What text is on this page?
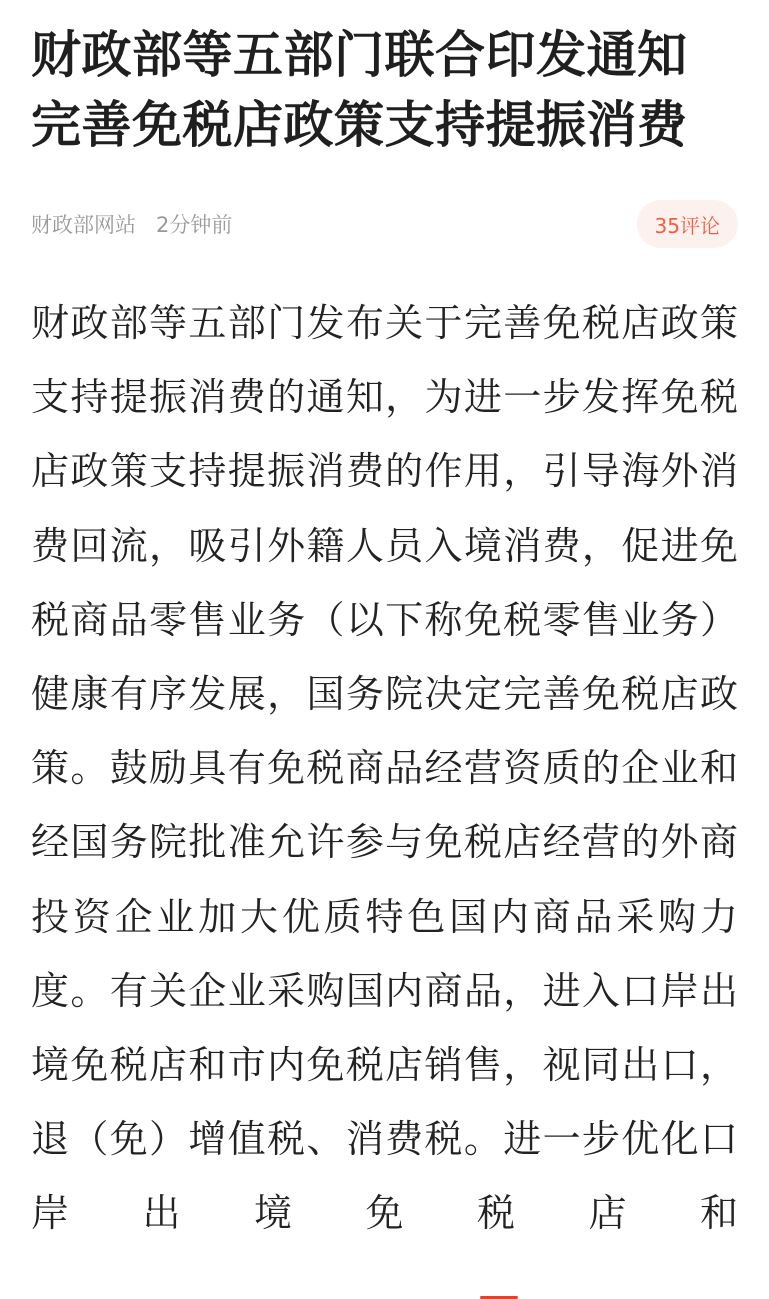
财政部等五部门联合印发通知
完善免税店政策支持提振消费
财政部网站 2分钟前	35评论

财政部等五部门发布关于完善免税店政策支持提振消费的通知，为进一步发挥免税店政策支持提振消费的作用，引导海外消费回流，吸引外籍人员入境消费，促进免税商品零售业务（以下称免税零售业务）健康有序发展，国务院决定完善免税店政策。鼓励具有免税商品经营资质的企业和经国务院批准允许参与免税店经营的外商投资企业加大优质特色国内商品采购力度。有关企业采购国内商品，进入口岸出境免税店和市内免税店销售，视同出口，退（免）增值税、消费税。进一步优化口岸出境免税店和
